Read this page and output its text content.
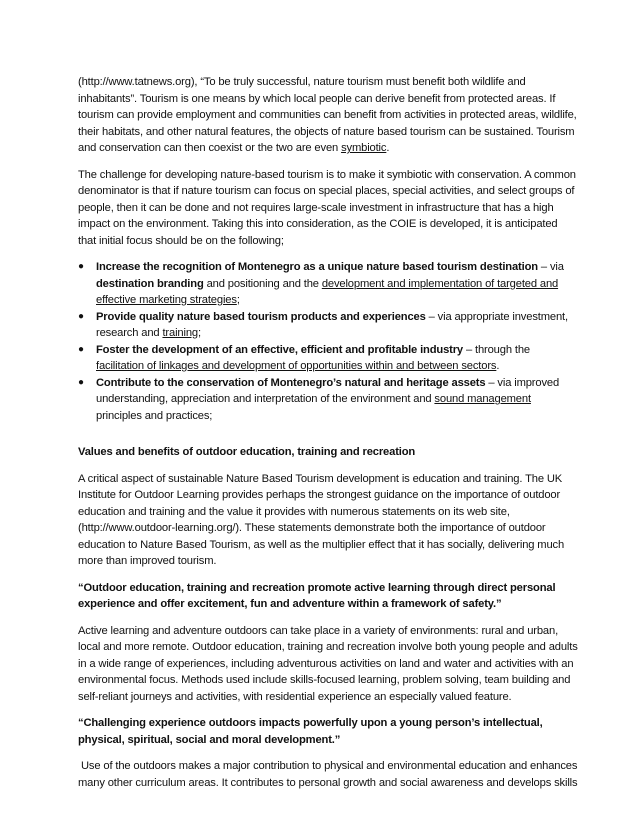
(http://www.tatnews.org), “To be truly successful, nature tourism must benefit both wildlife and inhabitants”. Tourism is one means by which local people can derive benefit from protected areas. If tourism can provide employment and communities can benefit from activities in protected areas, wildlife, their habitats, and other natural features, the objects of nature based tourism can be sustained. Tourism and conservation can then coexist or the two are even symbiotic.

The challenge for developing nature-based tourism is to make it symbiotic with conservation. A common denominator is that if nature tourism can focus on special places, special activities, and select groups of people, then it can be done and not requires large-scale investment in infrastructure that has a high impact on the environment. Taking this into consideration, as the COIE is developed, it is anticipated that initial focus should be on the following;

● Increase the recognition of Montenegro as a unique nature based tourism destination – via destination branding and positioning and the development and implementation of targeted and effective marketing strategies;
● Provide quality nature based tourism products and experiences – via appropriate investment, research and training;
● Foster the development of an effective, efficient and profitable industry – through the facilitation of linkages and development of opportunities within and between sectors.
● Contribute to the conservation of Montenegro’s natural and heritage assets – via improved understanding, appreciation and interpretation of the environment and sound management principles and practices;

Values and benefits of outdoor education, training and recreation

A critical aspect of sustainable Nature Based Tourism development is education and training. The UK Institute for Outdoor Learning provides perhaps the strongest guidance on the importance of outdoor education and training and the value it provides with numerous statements on its web site, (http://www.outdoor-learning.org/). These statements demonstrate both the importance of outdoor education to Nature Based Tourism, as well as the multiplier effect that it has socially, delivering much more than improved tourism.

“Outdoor education, training and recreation promote active learning through direct personal experience and offer excitement, fun and adventure within a framework of safety.”

Active learning and adventure outdoors can take place in a variety of environments: rural and urban, local and more remote. Outdoor education, training and recreation involve both young people and adults in a wide range of experiences, including adventurous activities on land and water and activities with an environmental focus. Methods used include skills-focused learning, problem solving, team building and self-reliant journeys and activities, with residential experience an especially valued feature.

“Challenging experience outdoors impacts powerfully upon a young person’s intellectual, physical, spiritual, social and moral development.”

Use of the outdoors makes a major contribution to physical and environmental education and enhances many other curriculum areas. It contributes to personal growth and social awareness and develops skills
